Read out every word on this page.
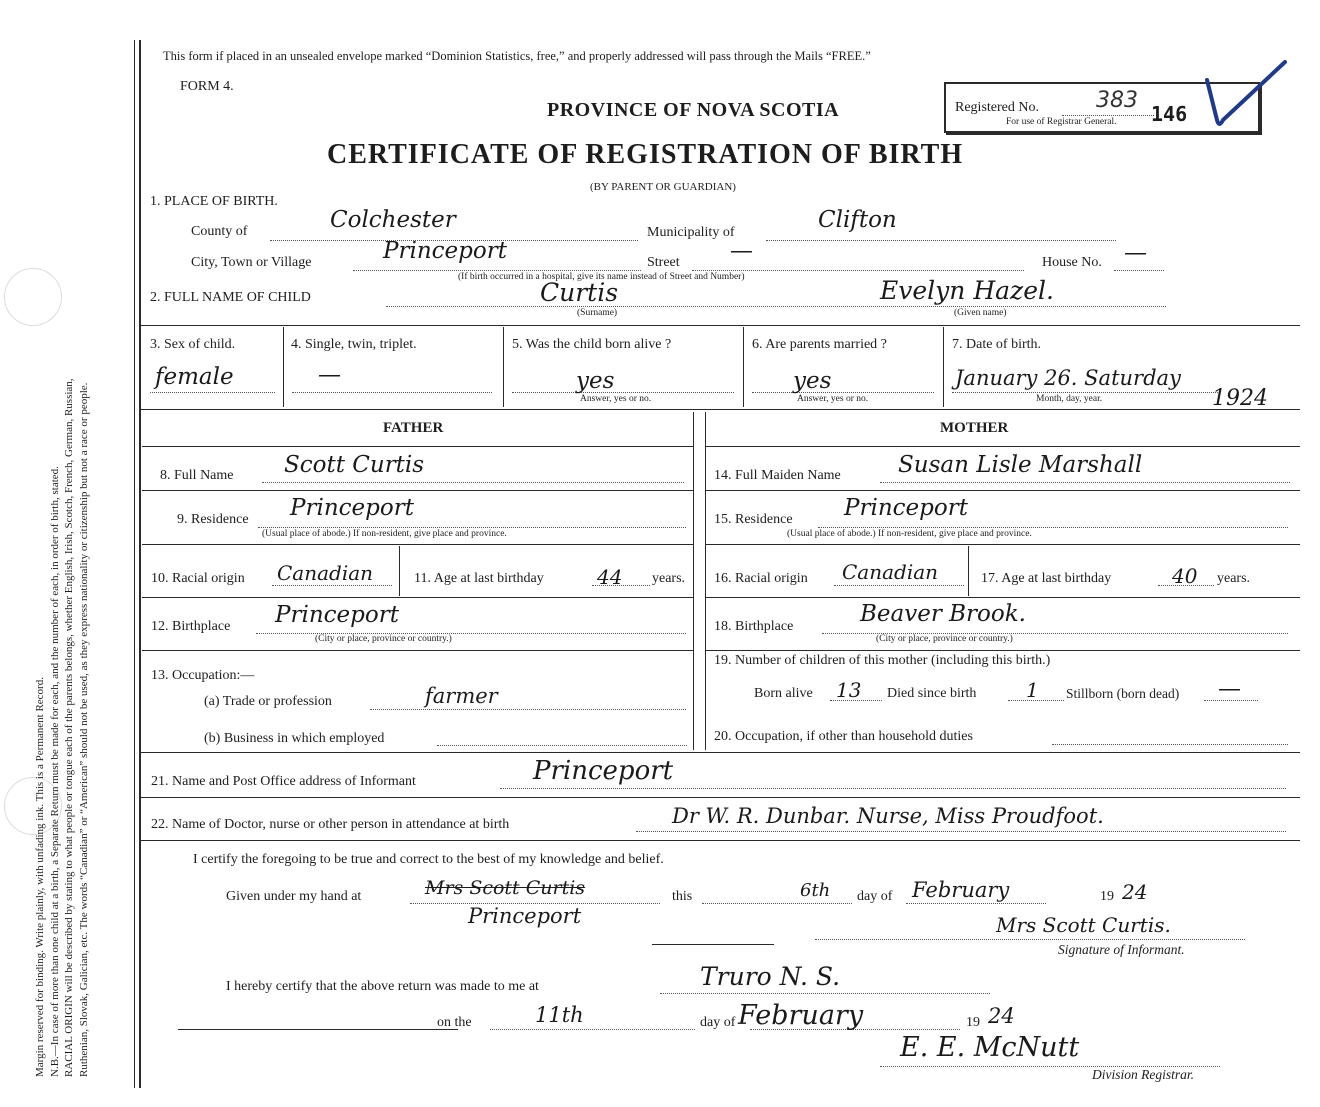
Margin reserved for binding. Write plainly, with unfading ink. This is a Permanent Record.
N.B.—In case of more than one child at a birth, a Separate Return must be made for each, and the number of each, in order of birth, stated.
RACIAL ORIGIN will be described by stating to what people or tongue each of the parents belongs, whether English, Irish, Scotch, French, German, Russian,
Ruthenian, Slovak, Galician, etc. The words “Canadian” or “American” should not be used, as they express nationality or citizenship but not a race or people.
This form if placed in an unsealed envelope marked “Dominion Statistics, free,” and properly addressed will pass through the Mails “FREE.”
FORM 4.
PROVINCE OF NOVA SCOTIA
CERTIFICATE OF REGISTRATION OF BIRTH
(BY PARENT OR GUARDIAN)
Registered No.	383
146
For use of Registrar General.
1. PLACE OF BIRTH.
County of	Colchester	Municipality of	Clifton
City, Town or Village	Princeport	Street —	House No. —
(If birth occurred in a hospital, give its name instead of Street and Number)
2. FULL NAME OF CHILD	Curtis
(Surname)
Evelyn Hazel.
(Given name)
3. Sex of child.
female
4. Single, twin, triplet.
—
5. Was the child born alive ?
yes
Answer, yes or no.
6. Are parents married ?
yes
Answer, yes or no.
7. Date of birth.
January 26. Saturday
1924
Month, day, year.
FATHER	MOTHER
8. Full Name Scott Curtis
9. Residence Princeport
(Usual place of abode.) If non-resident, give place and province.
10. Racial origin Canadian	11. Age at last birthday	44 years.
12. Birthplace Princeport
(City or place, province or country.)
13. Occupation:—
(a) Trade or profession	farmer
(b) Business in which employed
14. Full Maiden Name Susan Lisle Marshall
15. Residence Princeport
(Usual place of abode.) If non-resident, give place and province.
16. Racial origin Canadian	17. Age at last birthday	40 years.
18. Birthplace	Beaver Brook.
(City or place, province or country.)
19. Number of children of this mother (including this birth.)
Born alive 13 Died since birth 1 Stillborn (born dead) —
20. Occupation, if other than household duties
21. Name and Post Office address of Informant	Princeport
22. Name of Doctor, nurse or other person in attendance at birth	Dr W. R. Dunbar. Nurse, Miss Proudfoot.
I certify the foregoing to be true and correct to the best of my knowledge and belief.
Given under my hand at	Mrs Scott Curtis
Princeport
this	6th day of February	19 24
Mrs Scott Curtis.
Signature of Informant.
I hereby certify that the above return was made to me at	Truro N. S.
on the	11th	day of February	19 24
E. E. McNutt
Division Registrar.
